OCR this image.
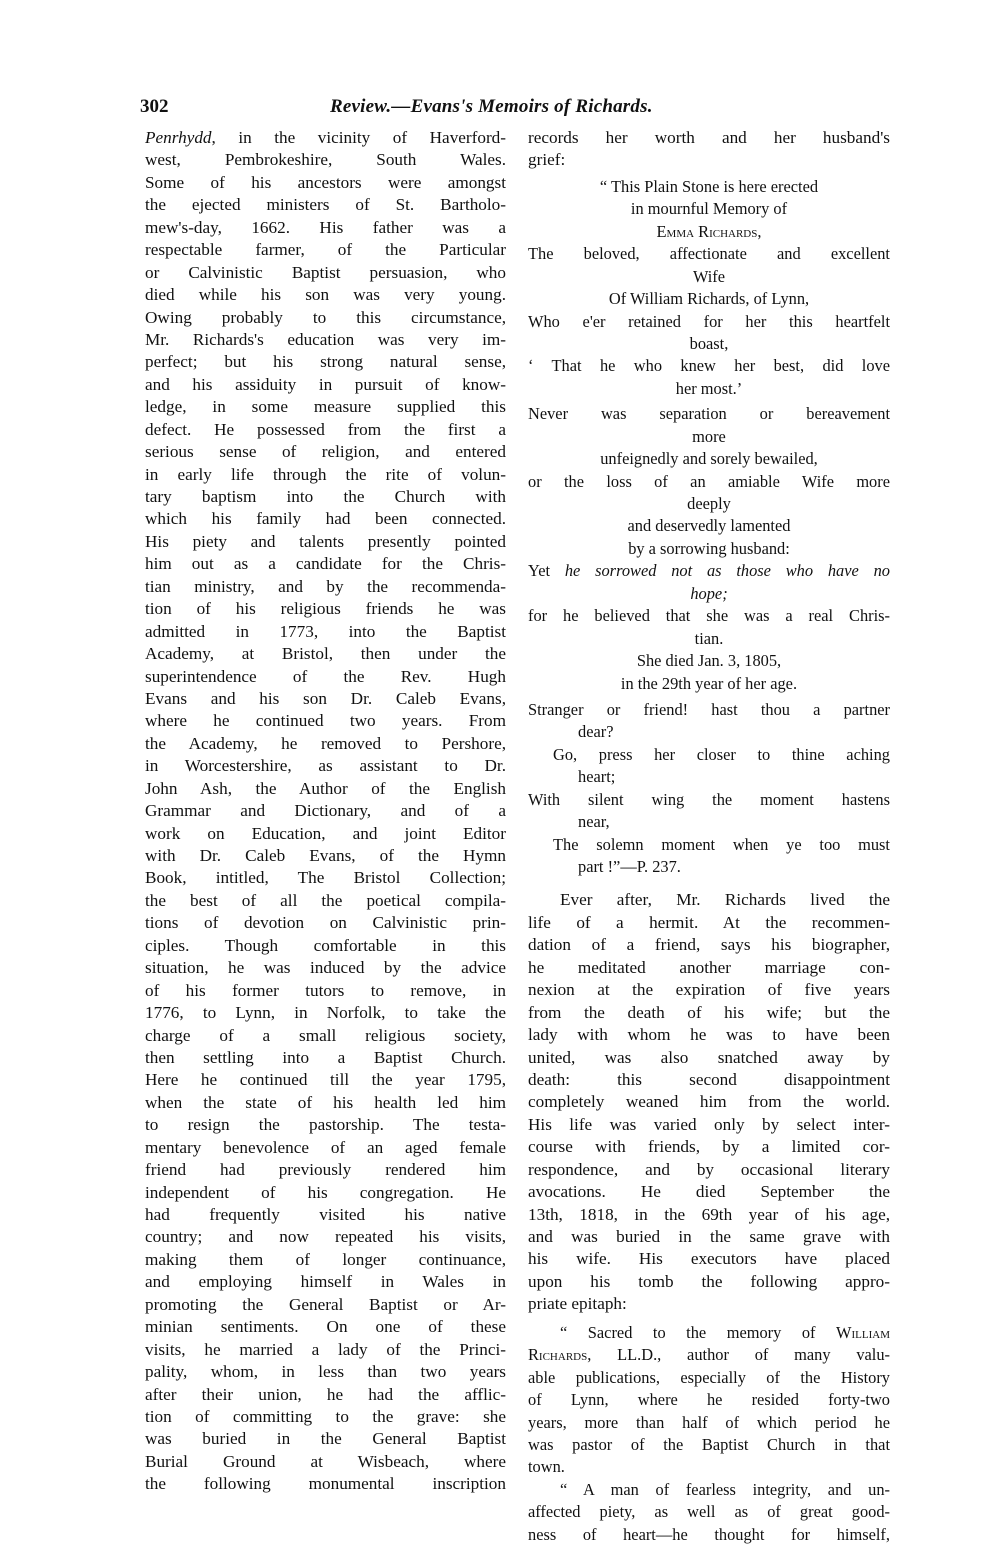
302	Review.—Evans's Memoirs of Richards.
Penrhydd, in the vicinity of Haverford-
west, Pembrokeshire, South Wales.
Some of his ancestors were amongst
the ejected ministers of St. Bartholo-
mew's-day, 1662. His father was a
respectable farmer, of the Particular
or Calvinistic Baptist persuasion, who
died while his son was very young.
Owing probably to this circumstance,
Mr. Richards's education was very im-
perfect; but his strong natural sense,
and his assiduity in pursuit of know-
ledge, in some measure supplied this
defect. He possessed from the first a
serious sense of religion, and entered
in early life through the rite of volun-
tary baptism into the Church with
which his family had been connected.
His piety and talents presently pointed
him out as a candidate for the Chris-
tian ministry, and by the recommenda-
tion of his religious friends he was
admitted in 1773, into the Baptist
Academy, at Bristol, then under the
superintendence of the Rev. Hugh
Evans and his son Dr. Caleb Evans,
where he continued two years. From
the Academy, he removed to Pershore,
in Worcestershire, as assistant to Dr.
John Ash, the Author of the English
Grammar and Dictionary, and of a
work on Education, and joint Editor
with Dr. Caleb Evans, of the Hymn
Book, intitled, The Bristol Collection;
the best of all the poetical compila-
tions of devotion on Calvinistic prin-
ciples. Though comfortable in this
situation, he was induced by the advice
of his former tutors to remove, in
1776, to Lynn, in Norfolk, to take the
charge of a small religious society,
then settling into a Baptist Church.
Here he continued till the year 1795,
when the state of his health led him
to resign the pastorship. The testa-
mentary benevolence of an aged female
friend had previously rendered him
independent of his congregation. He
had frequently visited his native
country; and now repeated his visits,
making them of longer continuance,
and employing himself in Wales in
promoting the General Baptist or Ar-
minian sentiments. On one of these
visits, he married a lady of the Princi-
pality, whom, in less than two years
after their union, he had the afflic-
tion of committing to the grave: she
was buried in the General Baptist
Burial Ground at Wisbeach, where
the following monumental inscription
records her worth and her husband's
grief:
“ This Plain Stone is here erected
in mournful Memory of
Emma Richards,
The beloved, affectionate and excellent
Wife
Of William Richards, of Lynn,
Who e'er retained for her this heartfelt
boast,
‘ That he who knew her best, did love
her most.’
Never was separation or bereavement
more
unfeignedly and sorely bewailed,
or the loss of an amiable Wife more
deeply
and deservedly lamented
by a sorrowing husband:
Yet he sorrowed not as those who have no
hope;
for he believed that she was a real Chris-
tian.
She died Jan. 3, 1805,
in the 29th year of her age.
Stranger or friend! hast thou a partner
dear?
Go, press her closer to thine aching
heart;
With silent wing the moment hastens
near,
The solemn moment when ye too must
part !”—P. 237.
Ever after, Mr. Richards lived the
life of a hermit. At the recommen-
dation of a friend, says his biographer,
he meditated another marriage con-
nexion at the expiration of five years
from the death of his wife; but the
lady with whom he was to have been
united, was also snatched away by
death: this second disappointment
completely weaned him from the world.
His life was varied only by select inter-
course with friends, by a limited cor-
respondence, and by occasional literary
avocations. He died September the
13th, 1818, in the 69th year of his age,
and was buried in the same grave with
his wife. His executors have placed
upon his tomb the following appro-
priate epitaph:
“ Sacred to the memory of William
Richards, LL.D., author of many valu-
able publications, especially of the History
of Lynn, where he resided forty-two
years, more than half of which period he
was pastor of the Baptist Church in that
town.
“ A man of fearless integrity, and un-
affected piety, as well as of great good-
ness of heart—he thought for himself,
